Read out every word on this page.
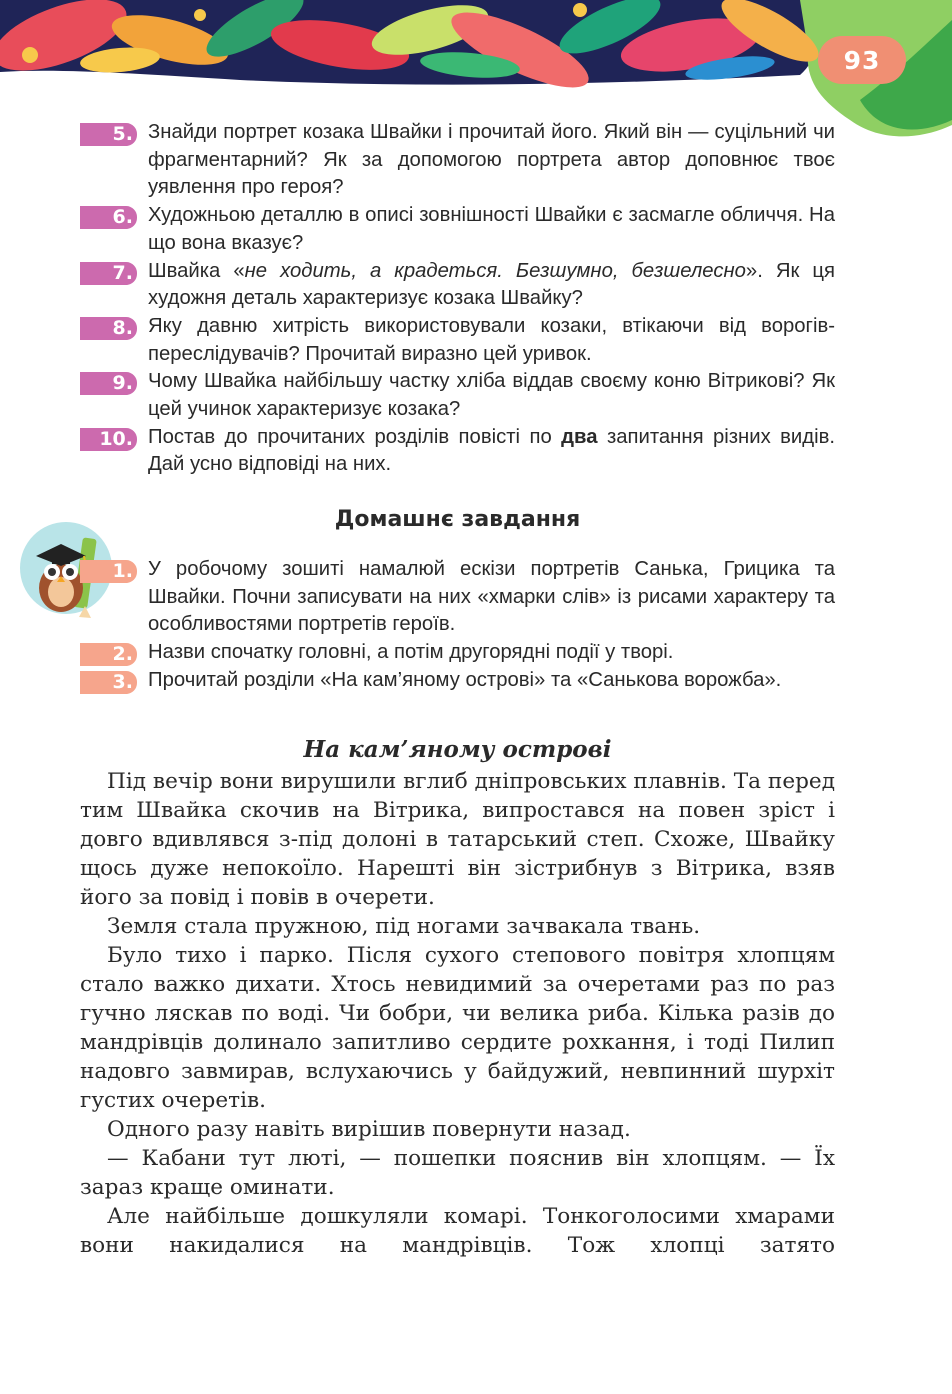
93
5. Знайди портрет козака Швайки і прочитай його. Який він — суцільний чи фрагментарний? Як за допомогою портрета автор доповнює твоє уявлення про героя?
6. Художньою деталлю в описі зовнішності Швайки є засмагле обличчя. На що вона вказує?
7. Швайка «не ходить, а крадеться. Безшумно, безшелесно». Як ця художня деталь характеризує козака Швайку?
8. Яку давню хитрість використовували козаки, втікаючи від ворогів-переслідувачів? Прочитай виразно цей уривок.
9. Чому Швайка найбільшу частку хліба віддав своєму коню Вітрикові? Як цей учинок характеризує козака?
10. Постав до прочитаних розділів повісті по два запитання різних видів. Дай усно відповіді на них.
Домашнє завдання
1. У робочому зошиті намалюй ескізи портретів Санька, Грицика та Швайки. Почни записувати на них «хмарки слів» із рисами характеру та особливостями портретів героїв.
2. Назви спочатку головні, а потім другорядні події у творі.
3. Прочитай розділи «На кам’яному острові» та «Санькова ворожба».
На кам’яному острові

Під вечір вони вирушили вглиб дніпровських плавнів. Та перед тим Швайка скочив на Вітрика, випростався на повен зріст і довго вдивлявся з-під долоні в татарський степ. Схоже, Швайку щось дуже непокоїло. Нарешті він зістрибнув з Вітрика, взяв його за повід і повів в очерети.

Земля стала пружною, під ногами зачвакала твань.

Було тихо і парко. Після сухого степового повітря хлопцям стало важко дихати. Хтось невидимий за очеретами раз по раз гучно ляскав по воді. Чи бобри, чи велика риба. Кілька разів до мандрівців долинало запитливо сердите рохкання, і тоді Пилип надовго завмирав, вслухаючись у байдужий, невпинний шурхіт густих очеретів.

Одного разу навіть вирішив повернути назад.

— Кабани тут люті, — пошепки пояснив він хлопцям. — Їх зараз краще оминати.

Але найбільше дошкуляли комарі. Тонкоголосими хмарами вони накидалися на мандрівців. Тож хлопці затято
